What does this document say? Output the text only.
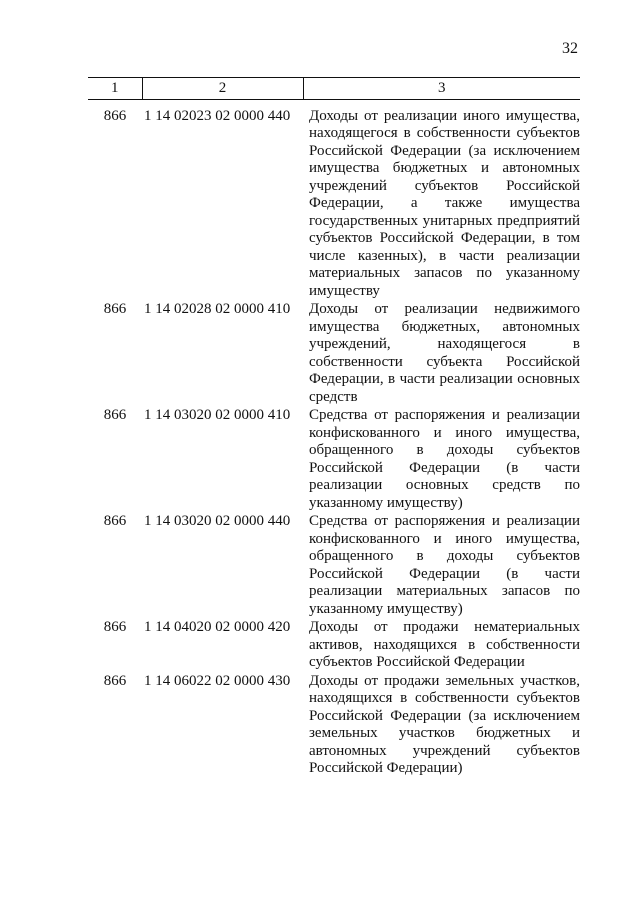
32
1	2	3

866	1 14 02023 02 0000 440	Доходы от реализации иного имущества, находящегося в собственности субъектов Российской Федерации (за исключением имущества бюджетных и автономных учреждений субъектов Российской Федерации, а также имущества государственных унитарных предприятий субъектов Российской Федерации, в том числе казенных), в части реализации материальных запасов по указанному имуществу
866	1 14 02028 02 0000 410	Доходы от реализации недвижимого имущества бюджетных, автономных учреждений, находящегося в собственности субъекта Российской Федерации, в части реализации основных средств
866	1 14 03020 02 0000 410	Средства от распоряжения и реализации конфискованного и иного имущества, обращенного в доходы субъектов Российской Федерации (в части реализации основных средств по указанному имуществу)
866	1 14 03020 02 0000 440	Средства от распоряжения и реализации конфискованного и иного имущества, обращенного в доходы субъектов Российской Федерации (в части реализации материальных запасов по указанному имуществу)
866	1 14 04020 02 0000 420	Доходы от продажи нематериальных активов, находящихся в собственности субъектов Российской Федерации
866	1 14 06022 02 0000 430	Доходы от продажи земельных участков, находящихся в собственности субъектов Российской Федерации (за исключением земельных участков бюджетных и автономных учреждений субъектов Российской Федерации)
